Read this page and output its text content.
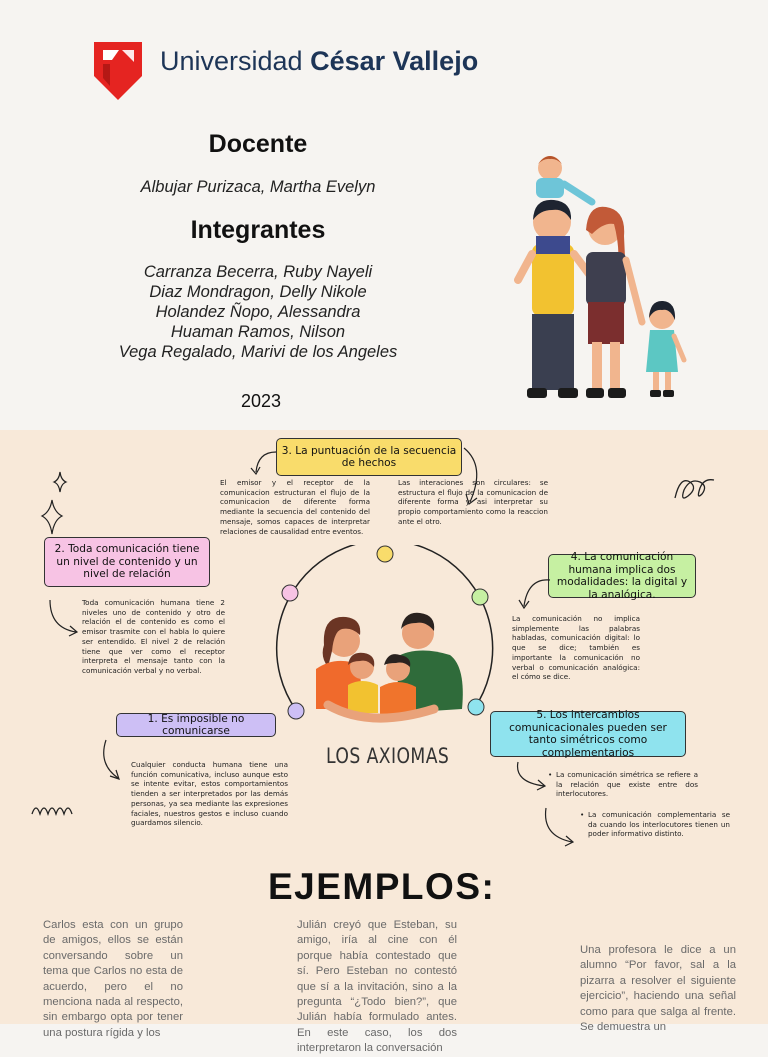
Universidad César Vallejo
Docente
Albujar Purizaca, Martha Evelyn
Integrantes
Carranza Becerra, Ruby Nayeli
Diaz Mondragon, Delly Nikole
Holandez Ñopo, Alessandra
Huaman Ramos, Nilson
Vega Regalado, Marivi de los Angeles
2023
3. La puntuación de la secuencia de hechos

El emisor y el receptor de la comunicacion estructuran el flujo de la comunicacion de diferente forma mediante la secuencia del contenido del mensaje, somos capaces de interpretar relaciones de causalidad entre eventos.

Las interaciones son circulares: se estructura el flujo de la comunicacion de diferente forma y asi interpretar su propio comportamiento como la reaccion ante el otro.

2. Toda comunicación tiene un nivel de contenido y un nivel de relación

Toda comunicación humana tiene 2 niveles uno de contenido y otro de relación el de contenido es como el emisor trasmite con el habla lo quiere ser entendido. El nivel 2 de relación tiene que ver como el receptor interpreta el mensaje tanto con la comunicación verbal y no verbal.

4. La comunicación humana implica dos modalidades: la digital y la analógica.

La comunicación no implica simplemente las palabras habladas, comunicación digital: lo que se dice; también es importante la comunicación no verbal o comunicación analógica: el cómo se dice.

1. Es imposible no comunicarse

Cualquier conducta humana tiene una función comunicativa, incluso aunque esto se intente evitar, estos comportamientos tienden a ser interpretados por las demás personas, ya sea mediante las expresiones faciales, nuestros gestos e incluso cuando guardamos silencio.

5. Los intercambios comunicacionales pueden ser tanto simétricos como complementarios
• La comunicación simétrica se refiere a la relación que existe entre dos interlocutores.

• La comunicación complementaria se da cuando los interlocutores tienen un poder informativo distinto.

LOS AXIOMAS
EJEMPLOS:

Carlos esta con un grupo de amigos, ellos se están conversando sobre un tema que Carlos no esta de acuerdo, pero el no menciona nada al respecto, sin embargo opta por tener una postura rígida y los

Julián creyó que Esteban, su amigo, iría al cine con él porque había contestado que sí. Pero Esteban no contestó que sí a la invitación, sino a la pregunta “¿Todo bien?”, que Julián había formulado antes. En este caso, los dos interpretaron la conversación

Una profesora le dice a un alumno “Por favor, sal a la pizarra a resolver el siguiente ejercicio”, haciendo una señal como para que salga al frente. Se demuestra un
